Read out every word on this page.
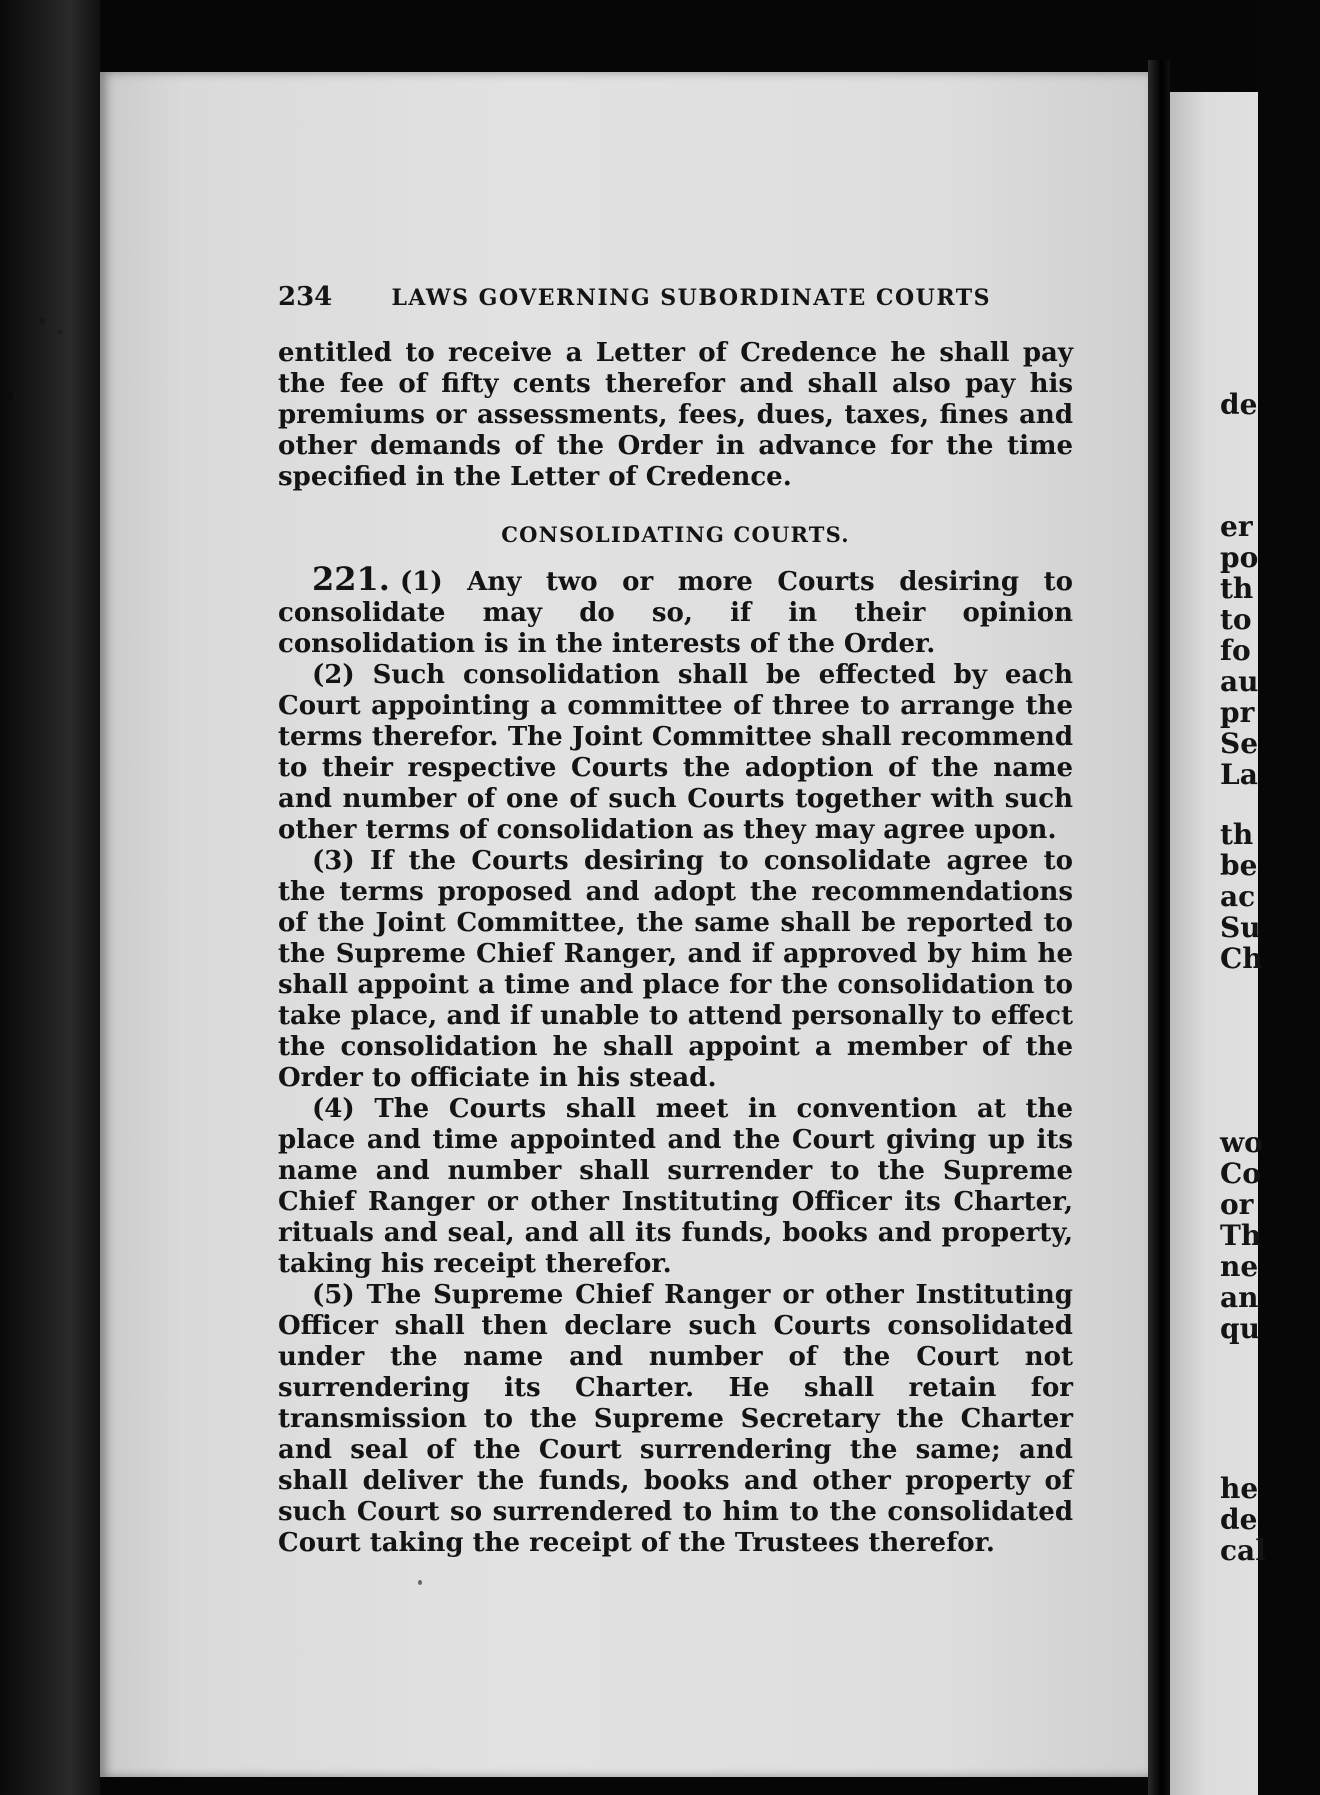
234	LAWS GOVERNING SUBORDINATE COURTS

entitled to receive a Letter of Credence he shall pay the fee of fifty cents therefor and shall also pay his premiums or assessments, fees, dues, taxes, fines and other demands of the Order in advance for the time specified in the Letter of Credence.

CONSOLIDATING COURTS.

221. (1) Any two or more Courts desiring to consolidate may do so, if in their opinion consolidation is in the interests of the Order.

(2) Such consolidation shall be effected by each Court appointing a committee of three to arrange the terms therefor. The Joint Committee shall recommend to their respective Courts the adoption of the name and number of one of such Courts together with such other terms of consolidation as they may agree upon.

(3) If the Courts desiring to consolidate agree to the terms proposed and adopt the recommendations of the Joint Committee, the same shall be reported to the Supreme Chief Ranger, and if approved by him he shall appoint a time and place for the consolidation to take place, and if unable to attend personally to effect the consolidation he shall appoint a member of the Order to officiate in his stead.

(4) The Courts shall meet in convention at the place and time appointed and the Court giving up its name and number shall surrender to the Supreme Chief Ranger or other Instituting Officer its Charter, rituals and seal, and all its funds, books and property, taking his receipt therefor.

(5) The Supreme Chief Ranger or other Instituting Officer shall then declare such Courts consolidated under the name and number of the Court not surrendering its Charter. He shall retain for transmission to the Supreme Secretary the Charter and seal of the Court surrendering the same; and shall deliver the funds, books and other property of such Court so surrendered to him to the consolidated Court taking the receipt of the Trustees therefor.

de
er
po
th
to
fo
au
pr
Se
La
th
be
ac
Su
Ch
wo
Co
or
Th
ne
an
qu
he
de
cal
